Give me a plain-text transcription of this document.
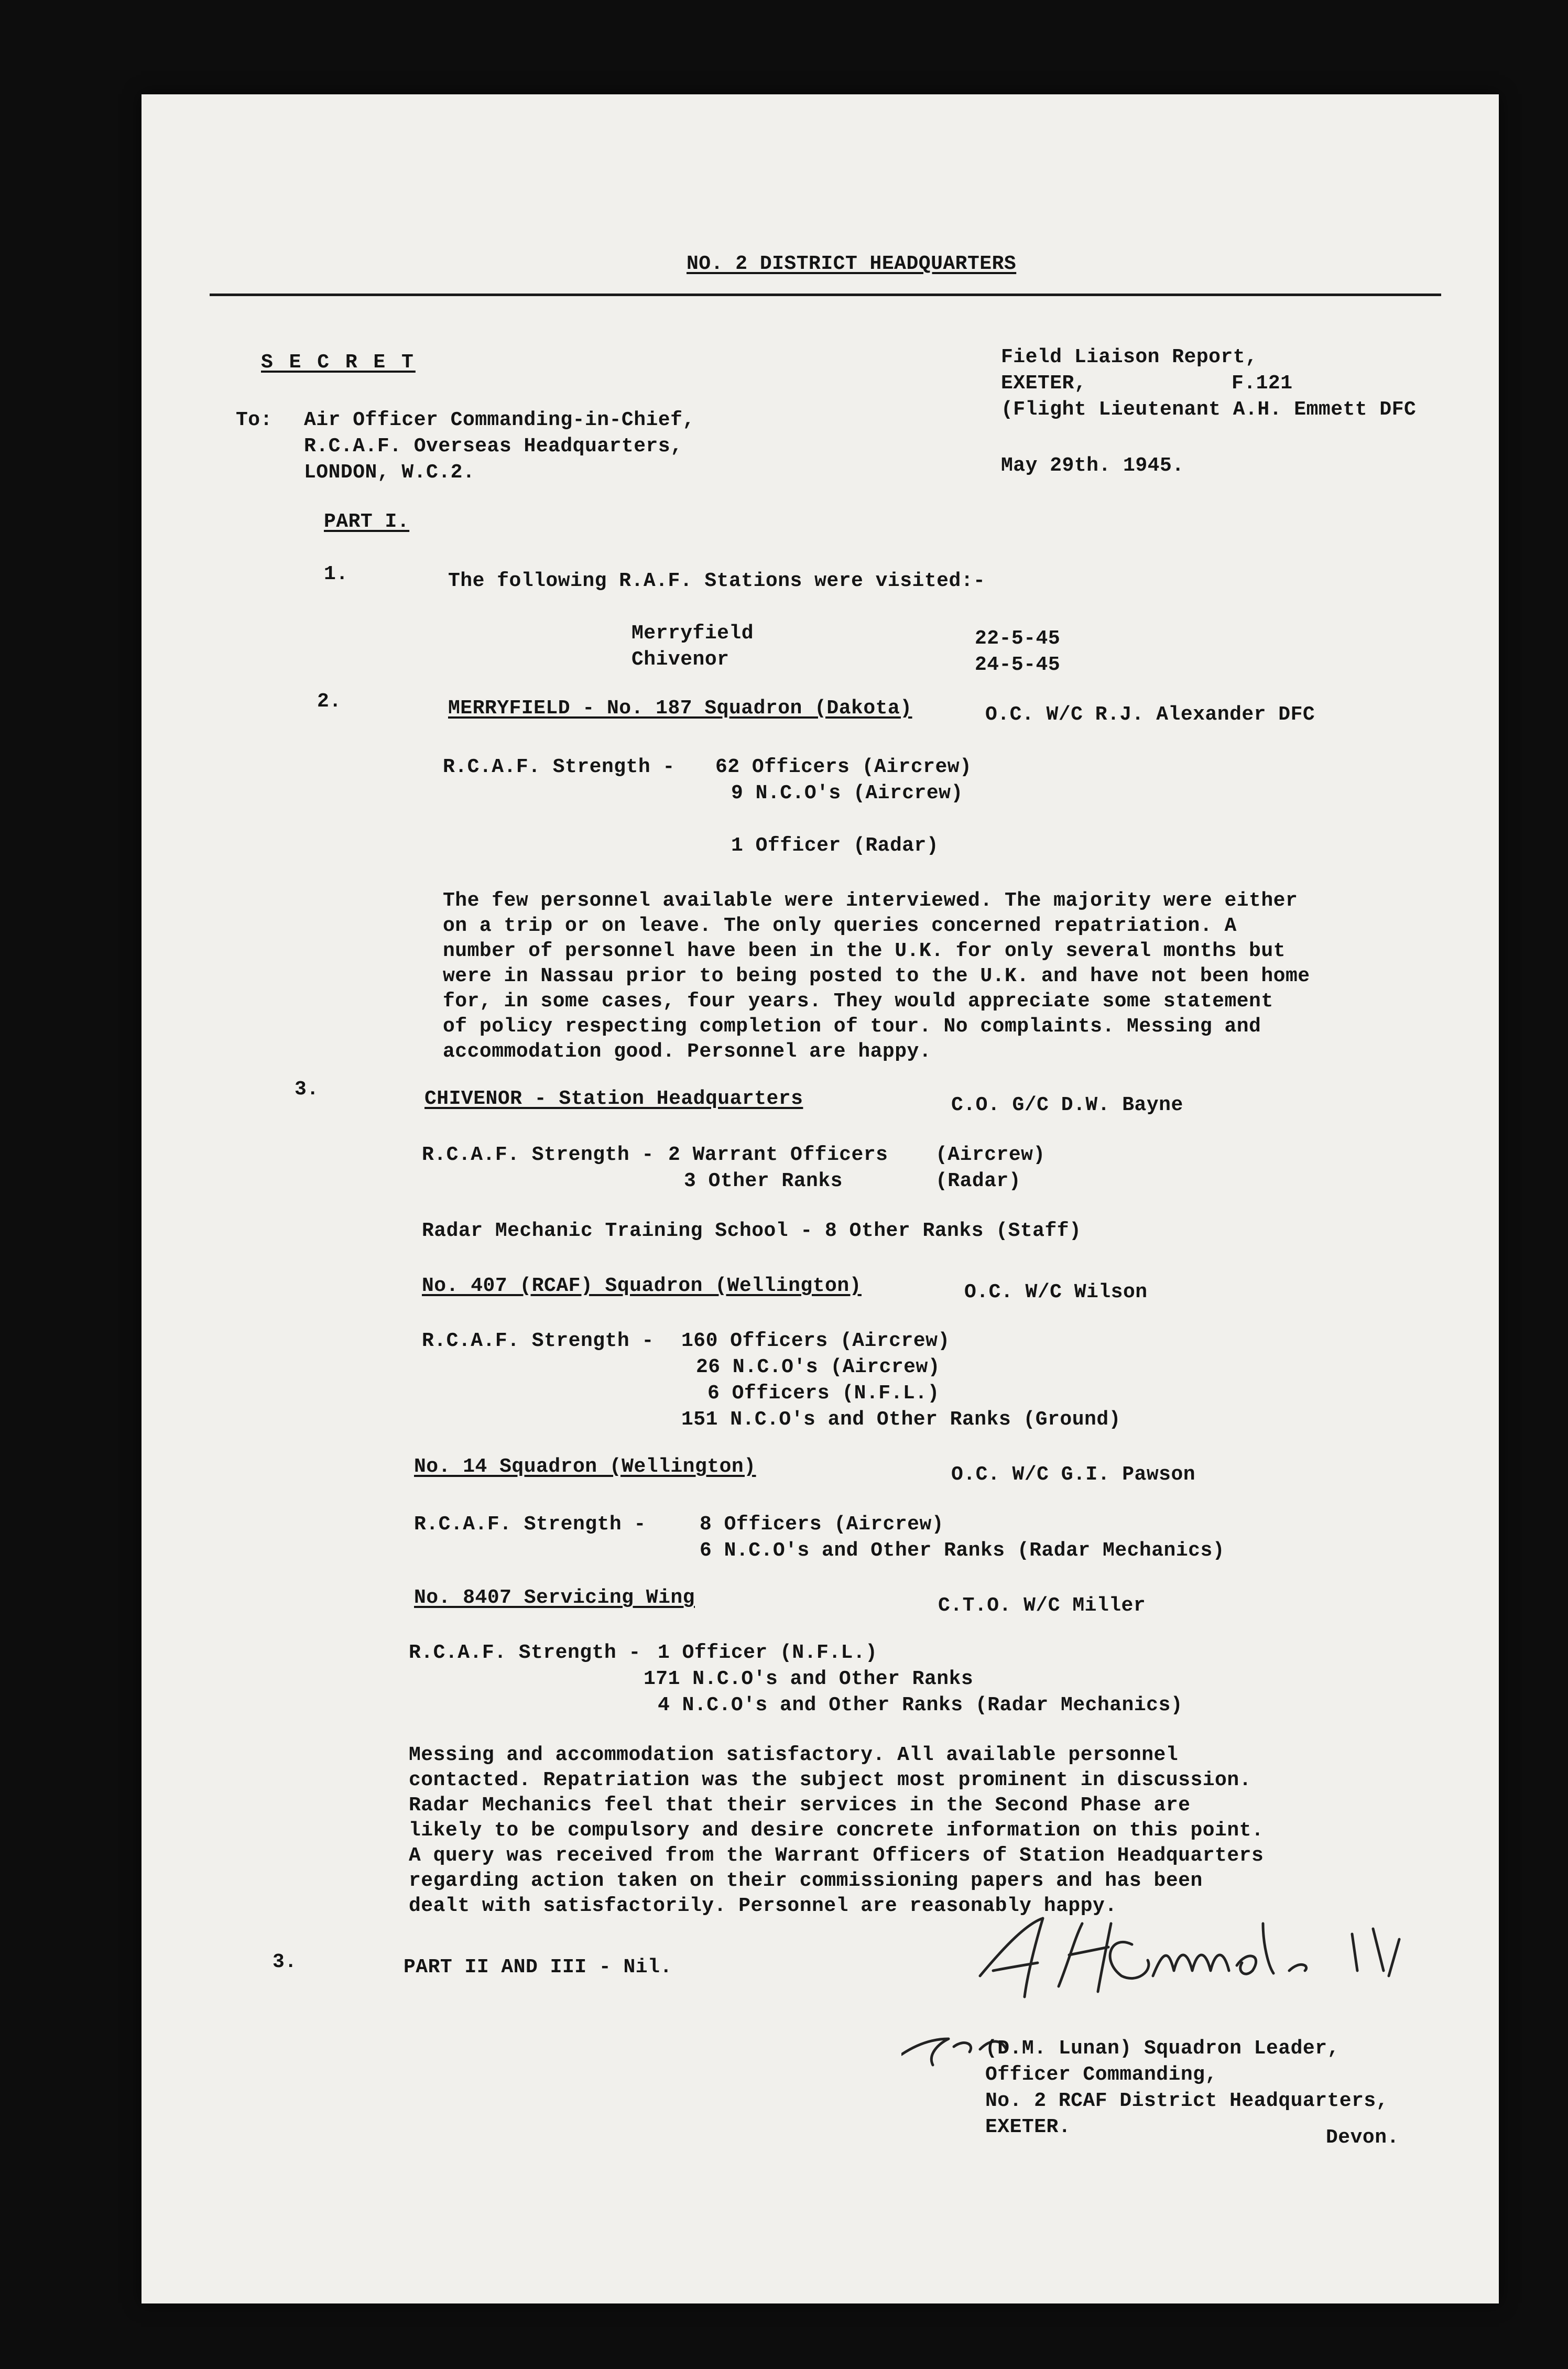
NO. 2 DISTRICT HEADQUARTERS
S E C R E T	Field Liaison Report,
EXETER,	F.121
(Flight Lieutenant A.H. Emmett DFC
May 29th. 1945.
To: Air Officer Commanding-in-Chief,
R.C.A.F. Overseas Headquarters,
LONDON, W.C.2.
PART I.
1.	The following R.A.F. Stations were visited:-
Merryfield	22-5-45
Chivenor	24-5-45
2.	MERRYFIELD - No. 187 Squadron (Dakota)	O.C. W/C R.J. Alexander DFC
R.C.A.F. Strength - 62 Officers (Aircrew)
9 N.C.O's (Aircrew)
1 Officer (Radar)
The few personnel available were interviewed. The majority were either
on a trip or on leave. The only queries concerned repatriation. A
number of personnel have been in the U.K. for only several months but
were in Nassau prior to being posted to the U.K. and have not been home
for, in some cases, four years. They would appreciate some statement
of policy respecting completion of tour. No complaints. Messing and
accommodation good. Personnel are happy.
3.	CHIVENOR - Station Headquarters	C.O. G/C D.W. Bayne
R.C.A.F. Strength - 2 Warrant Officers (Aircrew)
3 Other Ranks	(Radar)
Radar Mechanic Training School - 8 Other Ranks (Staff)
No. 407 (RCAF) Squadron (Wellington)	O.C. W/C Wilson
R.C.A.F. Strength - 160 Officers (Aircrew)
26 N.C.O's (Aircrew)
6 Officers (N.F.L.)
151 N.C.O's and Other Ranks (Ground)
No. 14 Squadron (Wellington)	O.C. W/C G.I. Pawson
R.C.A.F. Strength -	8 Officers (Aircrew)
6 N.C.O's and Other Ranks (Radar Mechanics)
No. 8407 Servicing Wing	C.T.O. W/C Miller
R.C.A.F. Strength - 1 Officer (N.F.L.)
171 N.C.O's and Other Ranks
4 N.C.O's and Other Ranks (Radar Mechanics)
Messing and accommodation satisfactory. All available personnel
contacted. Repatriation was the subject most prominent in discussion.
Radar Mechanics feel that their services in the Second Phase are
likely to be compulsory and desire concrete information on this point.
A query was received from the Warrant Officers of Station Headquarters
regarding action taken on their commissioning papers and has been
dealt with satisfactorily. Personnel are reasonably happy.
3.	PART II AND III - Nil.
(D.M. Lunan) Squadron Leader,
Officer Commanding,
No. 2 RCAF District Headquarters,
EXETER.	Devon.
